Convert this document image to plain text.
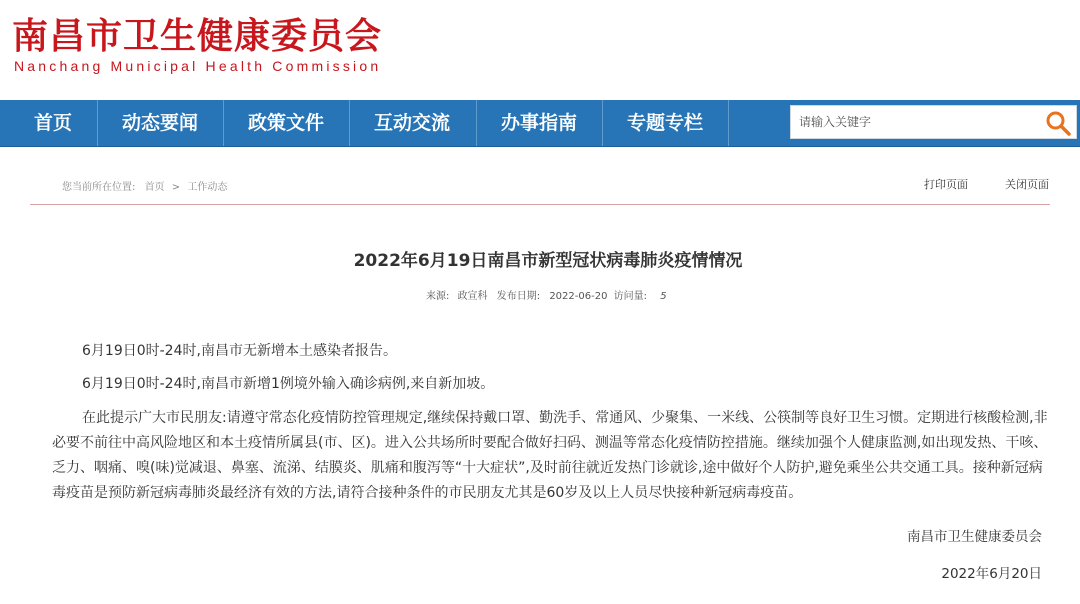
南昌市卫生健康委员会
Nanchang Municipal Health Commission
首页	动态要闻	政策文件	互动交流	办事指南	专题专栏
请输入关键字
您当前所在位置: 首页 > 工作动态	打印页面	关闭页面
2022年6月19日南昌市新型冠状病毒肺炎疫情情况
来源: 政宣科 发布日期: 2022-06-20 访问量: 5
6月19日0时-24时,南昌市无新增本土感染者报告。
6月19日0时-24时,南昌市新增1例境外输入确诊病例,来自新加坡。
在此提示广大市民朋友:请遵守常态化疫情防控管理规定,继续保持戴口罩、勤洗手、常通风、少聚集、一米线、公筷制等良好卫生习惯。定期进行核酸检测,非必要不前往中高风险地区和本土疫情所属县(市、区)。进入公共场所时要配合做好扫码、测温等常态化疫情防控措施。继续加强个人健康监测,如出现发热、干咳、乏力、咽痛、嗅(味)觉减退、鼻塞、流涕、结膜炎、肌痛和腹泻等“十大症状”,及时前往就近发热门诊就诊,途中做好个人防护,避免乘坐公共交通工具。接种新冠病毒疫苗是预防新冠病毒肺炎最经济有效的方法,请符合接种条件的市民朋友尤其是60岁及以上人员尽快接种新冠病毒疫苗。
南昌市卫生健康委员会
2022年6月20日
